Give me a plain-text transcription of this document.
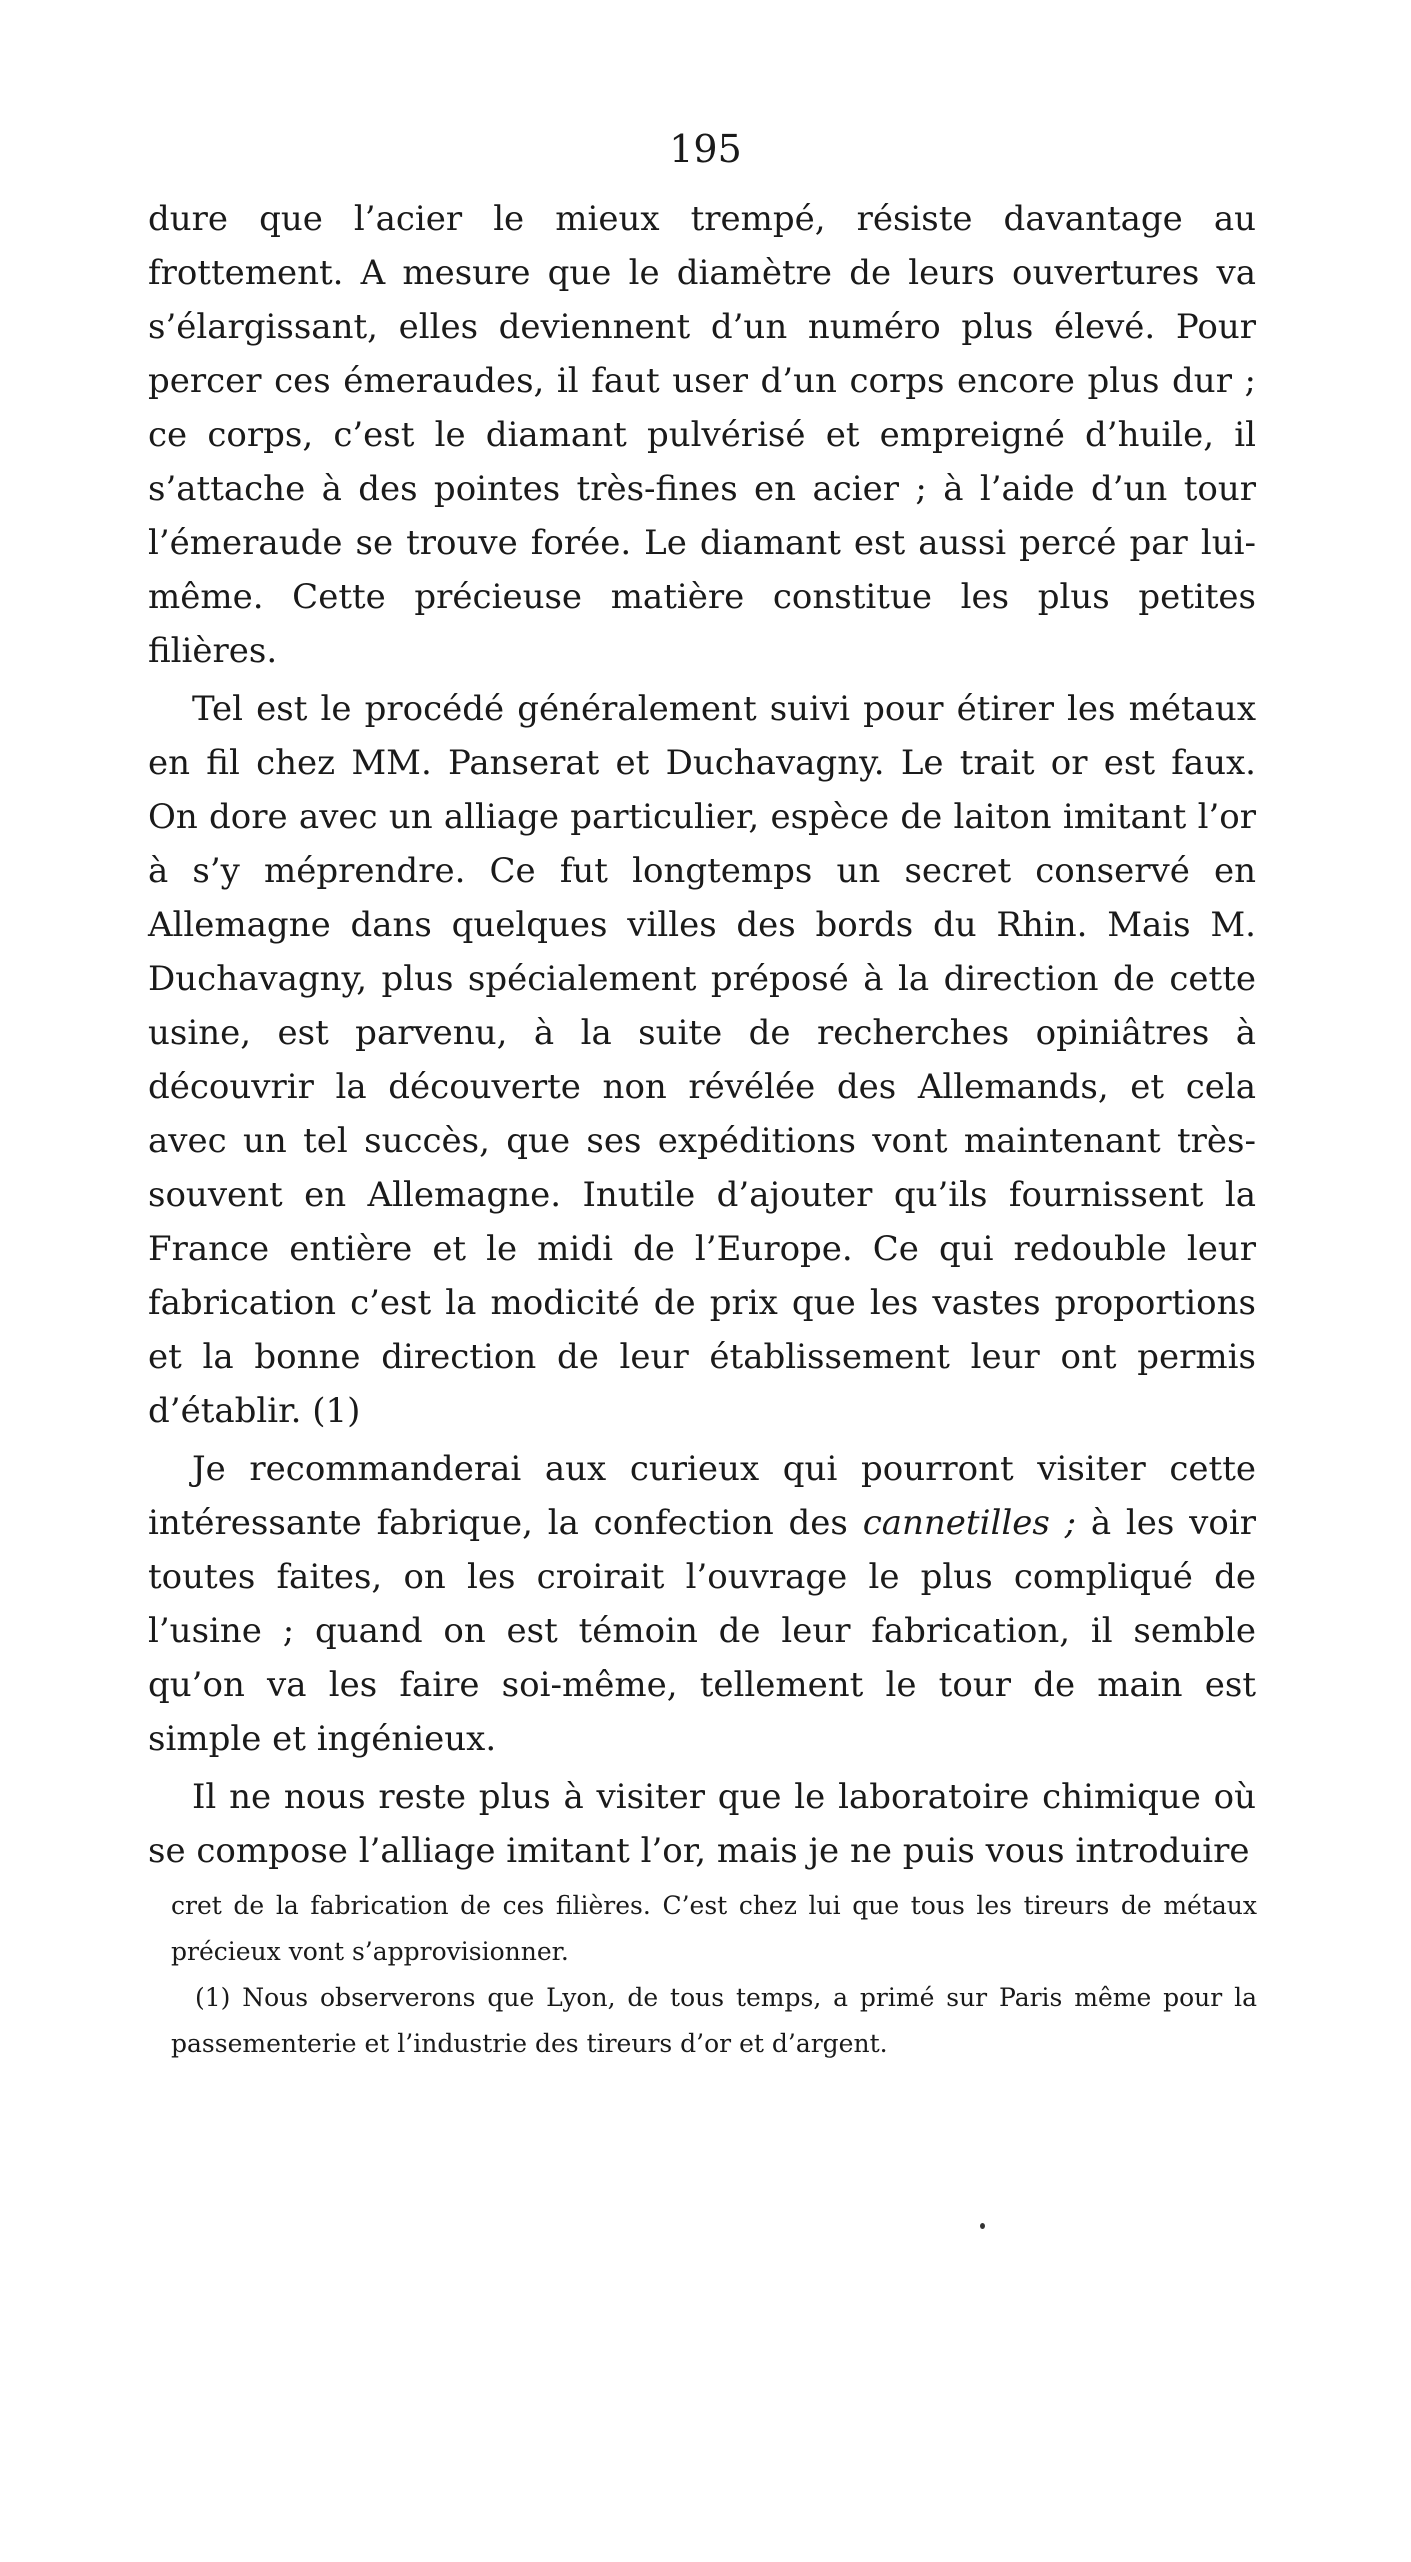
195

dure que l’acier le mieux trempé, résiste davantage au frottement. A mesure que le diamètre de leurs ouvertures va s’élargissant, elles deviennent d’un numéro plus élevé. Pour percer ces émeraudes, il faut user d’un corps encore plus dur ; ce corps, c’est le diamant pulvérisé et empreigné d’huile, il s’attache à des pointes très-fines en acier ; à l’aide d’un tour l’émeraude se trouve forée. Le diamant est aussi percé par lui-même. Cette précieuse matière constitue les plus petites filières.

Tel est le procédé généralement suivi pour étirer les métaux en fil chez MM. Panserat et Duchavagny. Le trait or est faux. On dore avec un alliage particulier, espèce de laiton imitant l’or à s’y méprendre. Ce fut longtemps un secret conservé en Allemagne dans quelques villes des bords du Rhin. Mais M. Duchavagny, plus spécialement préposé à la direction de cette usine, est parvenu, à la suite de recherches opiniâtres à découvrir la découverte non révélée des Allemands, et cela avec un tel succès, que ses expéditions vont maintenant très-souvent en Allemagne. Inutile d’ajouter qu’ils fournissent la France entière et le midi de l’Europe. Ce qui redouble leur fabrication c’est la modicité de prix que les vastes proportions et la bonne direction de leur établissement leur ont permis d’établir. (1)

Je recommanderai aux curieux qui pourront visiter cette intéressante fabrique, la confection des cannetilles ; à les voir toutes faites, on les croirait l’ouvrage le plus compliqué de l’usine ; quand on est témoin de leur fabrication, il semble qu’on va les faire soi-même, tellement le tour de main est simple et ingénieux.

Il ne nous reste plus à visiter que le laboratoire chimique où se compose l’alliage imitant l’or, mais je ne puis vous introduire

cret de la fabrication de ces filières. C’est chez lui que tous les tireurs de métaux précieux vont s’approvisionner.

(1) Nous observerons que Lyon, de tous temps, a primé sur Paris même pour la passementerie et l’industrie des tireurs d’or et d’argent.
